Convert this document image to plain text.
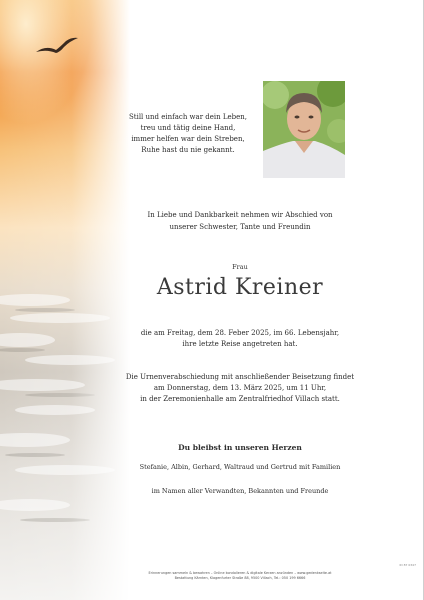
Still und einfach war dein Leben,
treu und tätig deine Hand,
immer helfen war dein Streben,
Ruhe hast du nie gekannt.
In Liebe und Dankbarkeit nehmen wir Abschied von
unserer Schwester, Tante und Freundin
Frau
Astrid Kreiner
die am Freitag, dem 28. Feber 2025, im 66. Lebensjahr,
ihre letzte Reise angetreten hat.
Die Urnenverabschiedung mit anschließender Beisetzung findet
am Donnerstag, dem 13. März 2025, um 11 Uhr,
in der Zeremonienhalle am Zentralfriedhof Villach statt.
Du bleibst in unseren Herzen
Stefanie, Albin, Gerhard, Waltraud und Gertrud mit Familien
im Namen aller Verwandten, Bekannten und Freunde
Erinnerungen sammeln & bewahren – Online kondolieren & digitale Kerzen anzünden – www.gedenkseite.at
Bestattung Kärnten, Klagenfurter Straße 88, 9500 Villach, Tel.: 050 199 6666
ID 87 0347
